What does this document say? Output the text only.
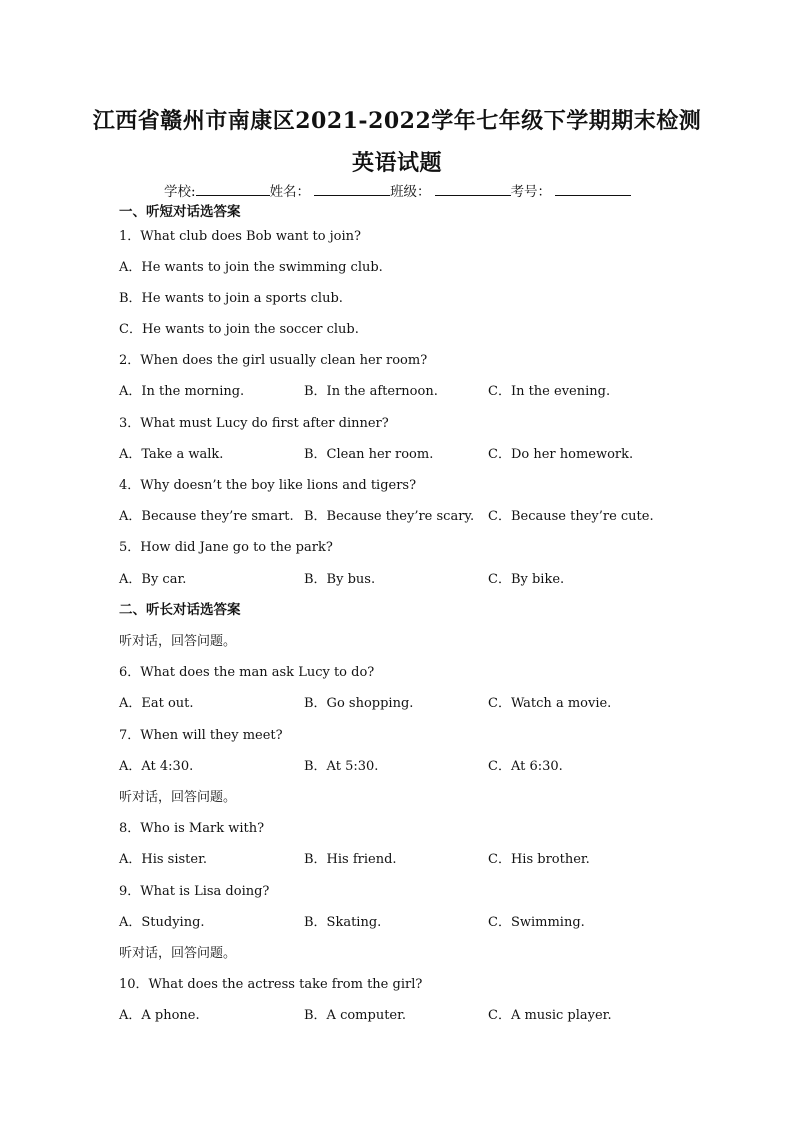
江西省赣州市南康区2021-2022学年七年级下学期期末检测
英语试题
学校:	姓名：	班级：	考号：
一、听短对话选答案
1．What club does Bob want to join?
A．He wants to join the swimming club.
B．He wants to join a sports club.
C．He wants to join the soccer club.
2．When does the girl usually clean her room?
A．In the morning.	B．In the afternoon.	C．In the evening.
3．What must Lucy do first after dinner?
A．Take a walk.	B．Clean her room.	C．Do her homework.
4．Why doesn’t the boy like lions and tigers?
A．Because they’re smart. B．Because they’re scary. C．Because they’re cute.
5．How did Jane go to the park?
A．By car.	B．By bus.	C．By bike.
二、听长对话选答案
听对话，回答问题。
6．What does the man ask Lucy to do?
A．Eat out.	B．Go shopping.	C．Watch a movie.
7．When will they meet?
A．At 4:30.	B．At 5:30.	C．At 6:30.
听对话，回答问题。
8．Who is Mark with?
A．His sister.	B．His friend.	C．His brother.
9．What is Lisa doing?
A．Studying.	B．Skating.	C．Swimming.
听对话，回答问题。
10．What does the actress take from the girl?
A．A phone.	B．A computer.	C．A music player.
